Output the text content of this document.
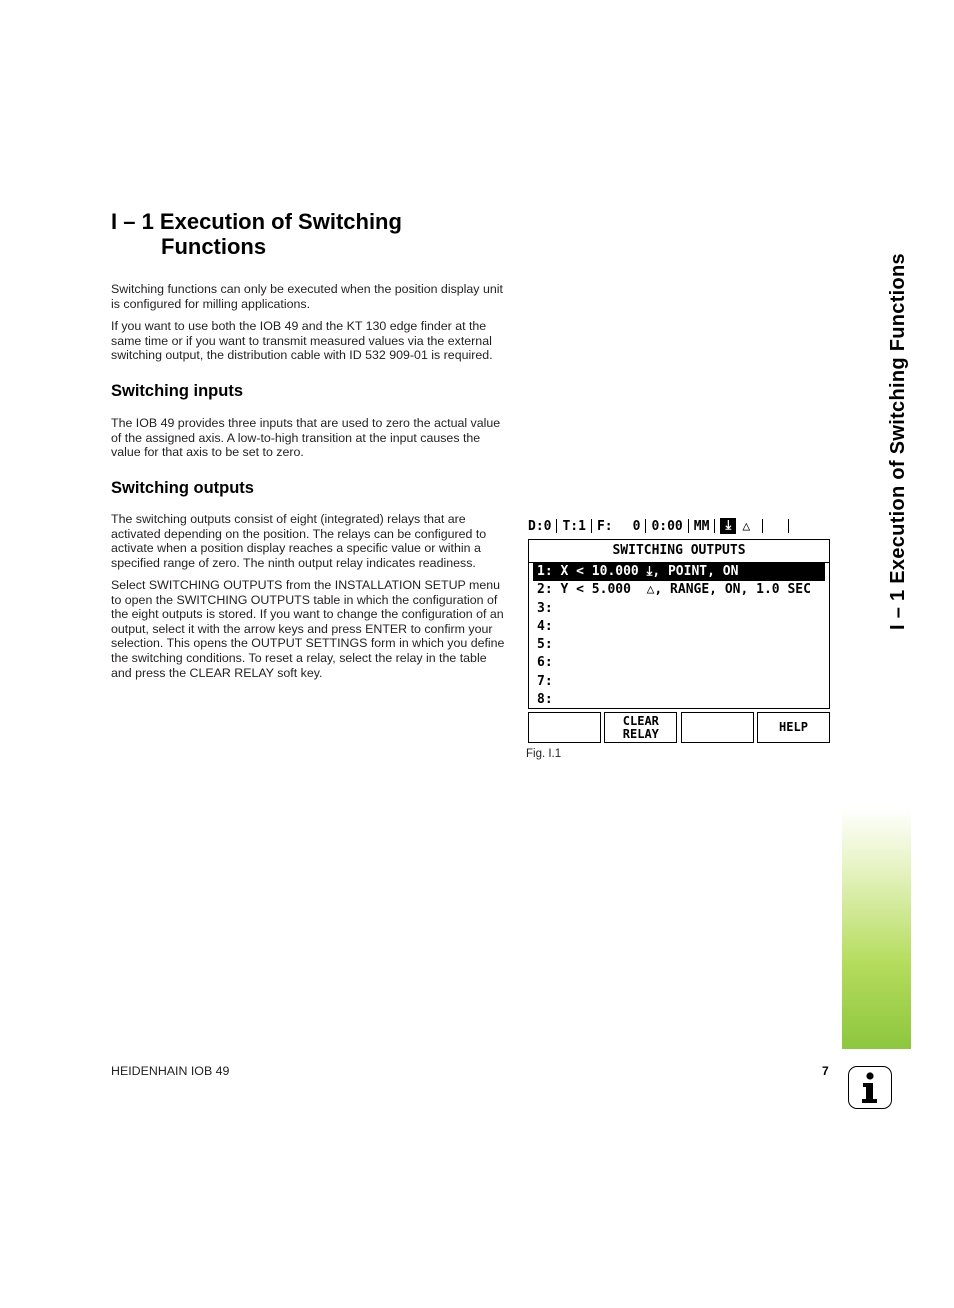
I – 1 Execution of Switching

Functions

Switching functions can only be executed when the position display unit is configured for milling applications.

If you want to use both the IOB 49 and the KT 130 edge finder at the same time or if you want to transmit measured values via the external switching output, the distribution cable with ID 532 909-01 is required.

Switching inputs

The IOB 49 provides three inputs that are used to zero the actual value of the assigned axis. A low-to-high transition at the input causes the value for that axis to be set to zero.

Switching outputs

The switching outputs consist of eight (integrated) relays that are activated depending on the position. The relays can be configured to activate when a position display reaches a specific value or within a specified range of zero. The ninth output relay indicates readiness.

Select SWITCHING OUTPUTS from the INSTALLATION SETUP menu to open the SWITCHING OUTPUTS table in which the configuration of the eight outputs is stored. If you want to change the configuration of an output, select it with the arrow keys and press ENTER to confirm your selection. This opens the OUTPUT SETTINGS form in which you define the switching conditions. To reset a relay, select the relay in the table and press the CLEAR RELAY soft key.

D:0 T:1 F: 0 0:00 MM	⤓ △
SWITCHING OUTPUTS
1: X < 10.000 ⤓, POINT, ON
2: Y < 5.000  △, RANGE, ON, 1.0 SEC
3:
4:
5:
6:
7:
8:
CLEAR
RELAY	HELP
Fig. I.1
I – 1 Execution of Switching Functions
HEIDENHAIN IOB 49	7
